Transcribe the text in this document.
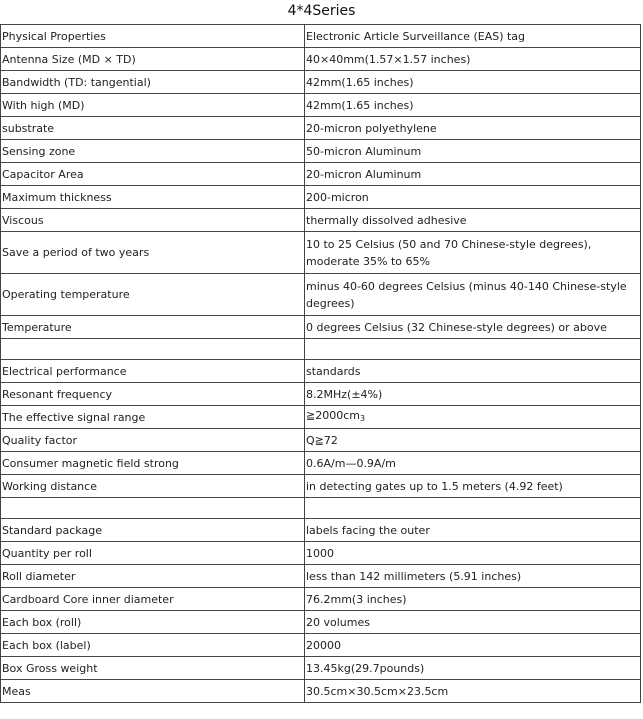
4*4Series
Physical Properties	Electronic Article Surveillance (EAS) tag
Antenna Size (MD × TD)	40×40mm(1.57×1.57 inches)
Bandwidth (TD: tangential)	42mm(1.65 inches)
With high (MD)	42mm(1.65 inches)
substrate	20-micron polyethylene
Sensing zone	50-micron Aluminum
Capacitor Area	20-micron Aluminum
Maximum thickness	200-micron
Viscous	thermally dissolved adhesive
Save a period of two years	10 to 25 Celsius (50 and 70 Chinese-style degrees), moderate 35% to 65%
Operating temperature	minus 40-60 degrees Celsius (minus 40-140 Chinese-style degrees)
Temperature	0 degrees Celsius (32 Chinese-style degrees) or above

Electrical performance	standards
Resonant frequency	8.2MHz(±4%)
The effective signal range	≧2000cm3
Quality factor	Q≧72
Consumer magnetic field strong	0.6A/m—0.9A/m
Working distance	in detecting gates up to 1.5 meters (4.92 feet)

Standard package	labels facing the outer
Quantity per roll	1000
Roll diameter	less than 142 millimeters (5.91 inches)
Cardboard Core inner diameter	76.2mm(3 inches)
Each box (roll)	20 volumes
Each box (label)	20000
Box Gross weight	13.45kg(29.7pounds)
Meas	30.5cm×30.5cm×23.5cm
